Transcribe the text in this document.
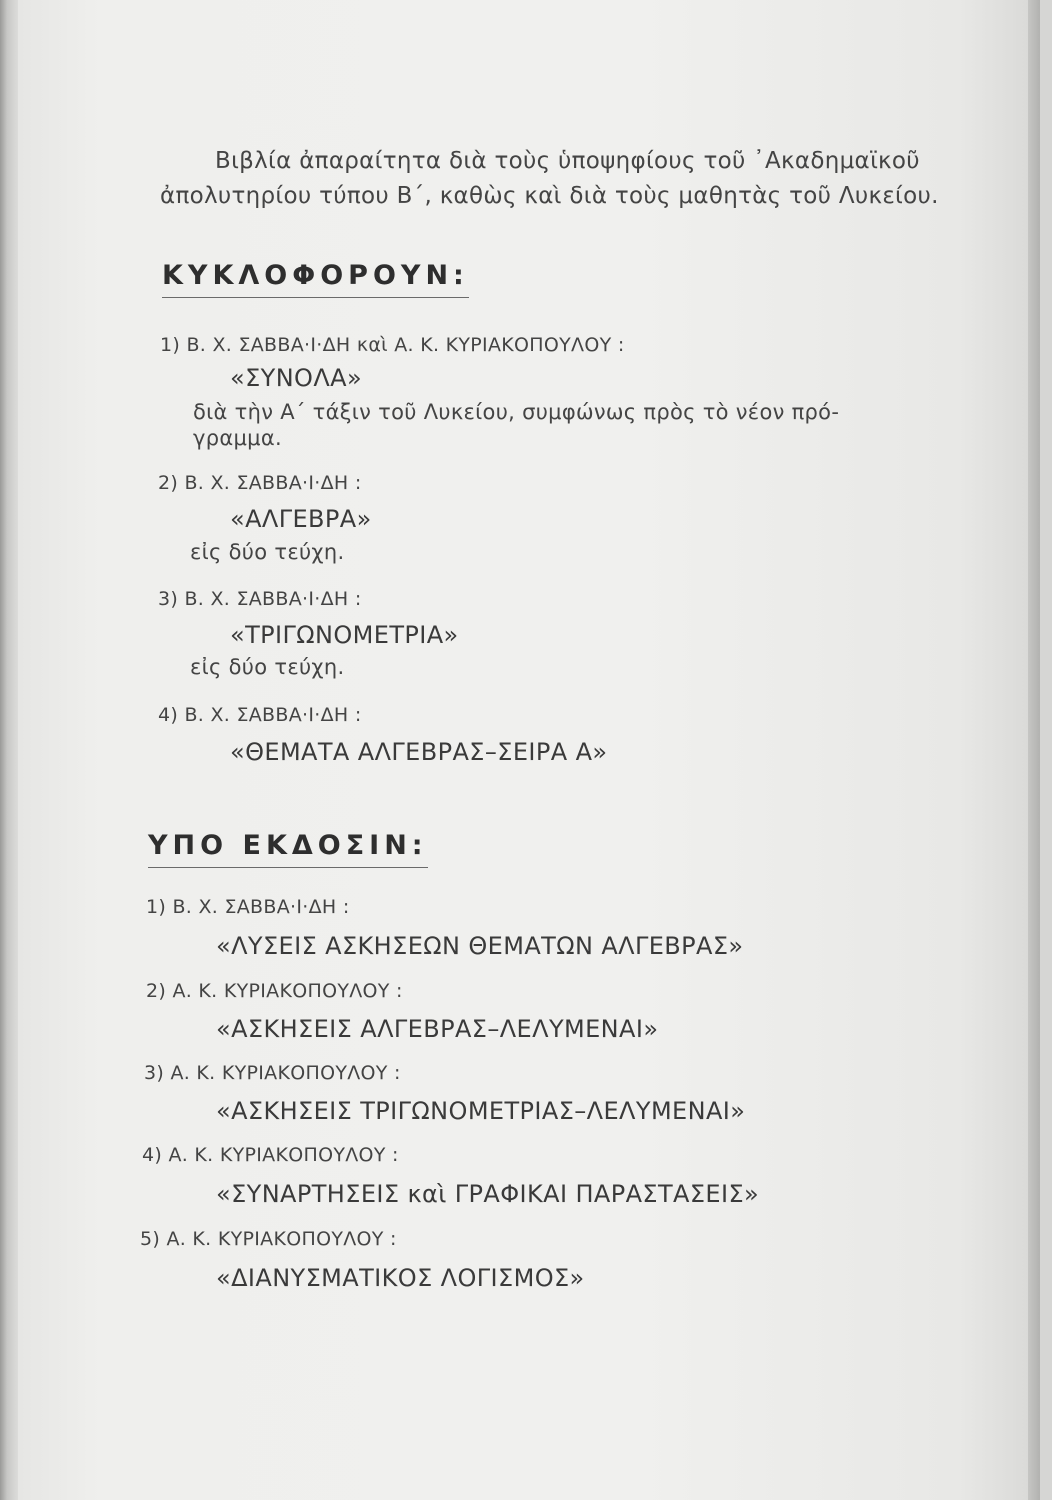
Βιβλία ἀπαραίτητα διὰ τοὺς ὑποψηφίους τοῦ ᾿Ακαδημαϊκοῦ
ἀπολυτηρίου τύπου Β΄, καθὼς καὶ διὰ τοὺς μαθητὰς τοῦ Λυκείου.
ΚΥΚΛΟΦΟΡΟΥΝ:
1) Β. Χ. ΣΑΒΒΑ·Ι·ΔΗ καὶ Α. Κ. ΚΥΡΙΑΚΟΠΟΥΛΟΥ :
«ΣΥΝΟΛΑ»
διὰ τὴν Α΄ τάξιν τοῦ Λυκείου, συμφώνως πρὸς τὸ νέον πρό-
γραμμα.
2) Β. Χ. ΣΑΒΒΑ·Ι·ΔΗ :
«ΑΛΓΕΒΡΑ»
εἰς δύο τεύχη.
3) Β. Χ. ΣΑΒΒΑ·Ι·ΔΗ :
«ΤΡΙΓΩΝΟΜΕΤΡΙΑ»
εἰς δύο τεύχη.
4) Β. Χ. ΣΑΒΒΑ·Ι·ΔΗ :
«ΘΕΜΑΤΑ ΑΛΓΕΒΡΑΣ–ΣΕΙΡΑ Α»
ΥΠΟ ΕΚΔΟΣΙΝ:
1) Β. Χ. ΣΑΒΒΑ·Ι·ΔΗ :
«ΛΥΣΕΙΣ ΑΣΚΗΣΕΩΝ ΘΕΜΑΤΩΝ ΑΛΓΕΒΡΑΣ»
2) Α. Κ. ΚΥΡΙΑΚΟΠΟΥΛΟΥ :
«ΑΣΚΗΣΕΙΣ ΑΛΓΕΒΡΑΣ–ΛΕΛΥΜΕΝΑΙ»
3) Α. Κ. ΚΥΡΙΑΚΟΠΟΥΛΟΥ :
«ΑΣΚΗΣΕΙΣ ΤΡΙΓΩΝΟΜΕΤΡΙΑΣ–ΛΕΛΥΜΕΝΑΙ»
4) Α. Κ. ΚΥΡΙΑΚΟΠΟΥΛΟΥ :
«ΣΥΝΑΡΤΗΣΕΙΣ καὶ ΓΡΑΦΙΚΑΙ ΠΑΡΑΣΤΑΣΕΙΣ»
5) Α. Κ. ΚΥΡΙΑΚΟΠΟΥΛΟΥ :
«ΔΙΑΝΥΣΜΑΤΙΚΟΣ ΛΟΓΙΣΜΟΣ»
